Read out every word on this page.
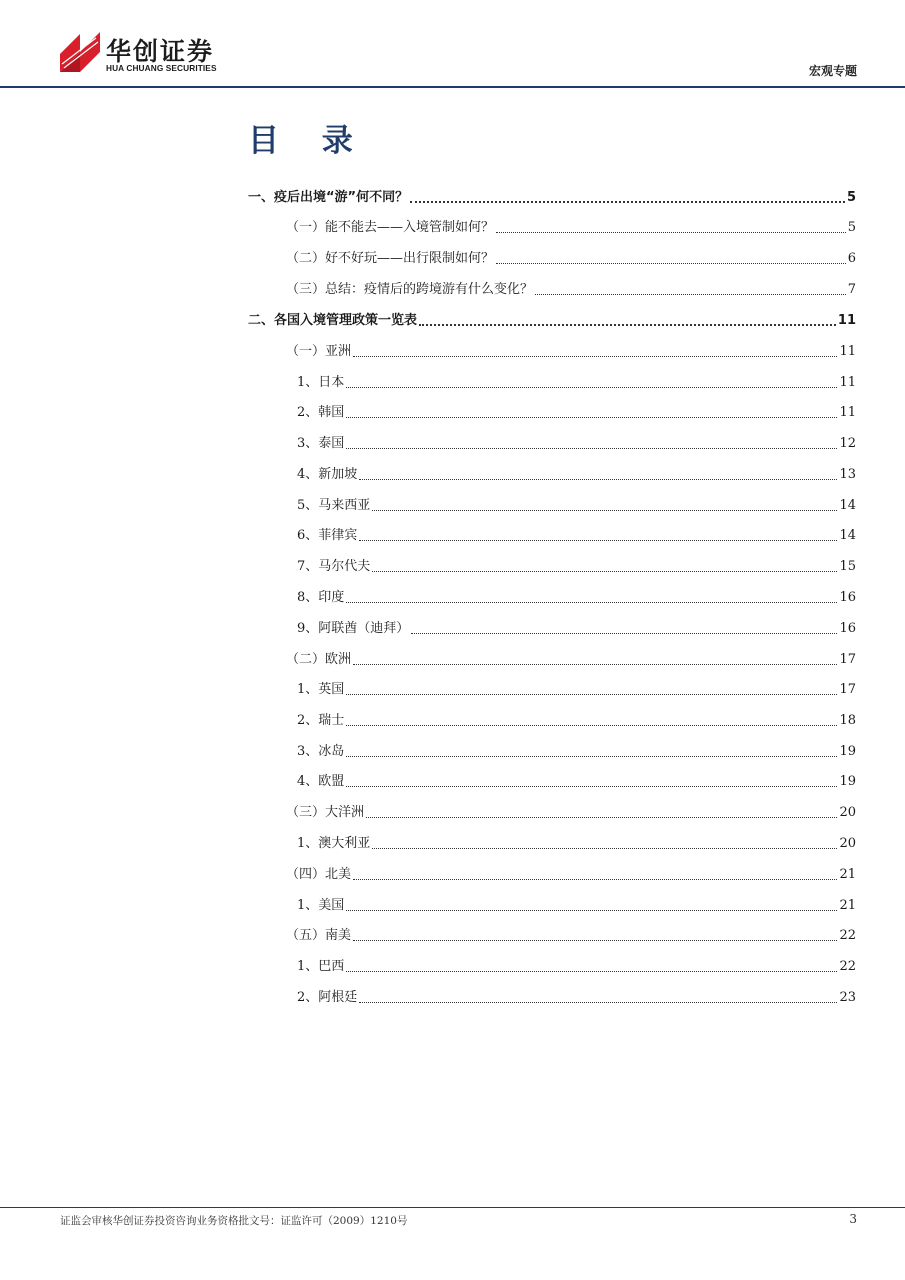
华创证券
HUA CHUANG SECURITIES	宏观专题
目 录
一、疫后出境“游”何不同？	5
（一）能不能去——入境管制如何？	5
（二）好不好玩——出行限制如何？	6
（三）总结：疫情后的跨境游有什么变化？	7
二、各国入境管理政策一览表	11
（一）亚洲	11
1、日本	11
2、韩国	11
3、泰国	12
4、新加坡	13
5、马来西亚	14
6、菲律宾	14
7、马尔代夫	15
8、印度	16
9、阿联酋（迪拜）	16
（二）欧洲	17
1、英国	17
2、瑞士	18
3、冰岛	19
4、欧盟	19
（三）大洋洲	20
1、澳大利亚	20
（四）北美	21
1、美国	21
（五）南美	22
1、巴西	22
2、阿根廷	23
证监会审核华创证券投资咨询业务资格批文号：证监许可（2009）1210号	3
